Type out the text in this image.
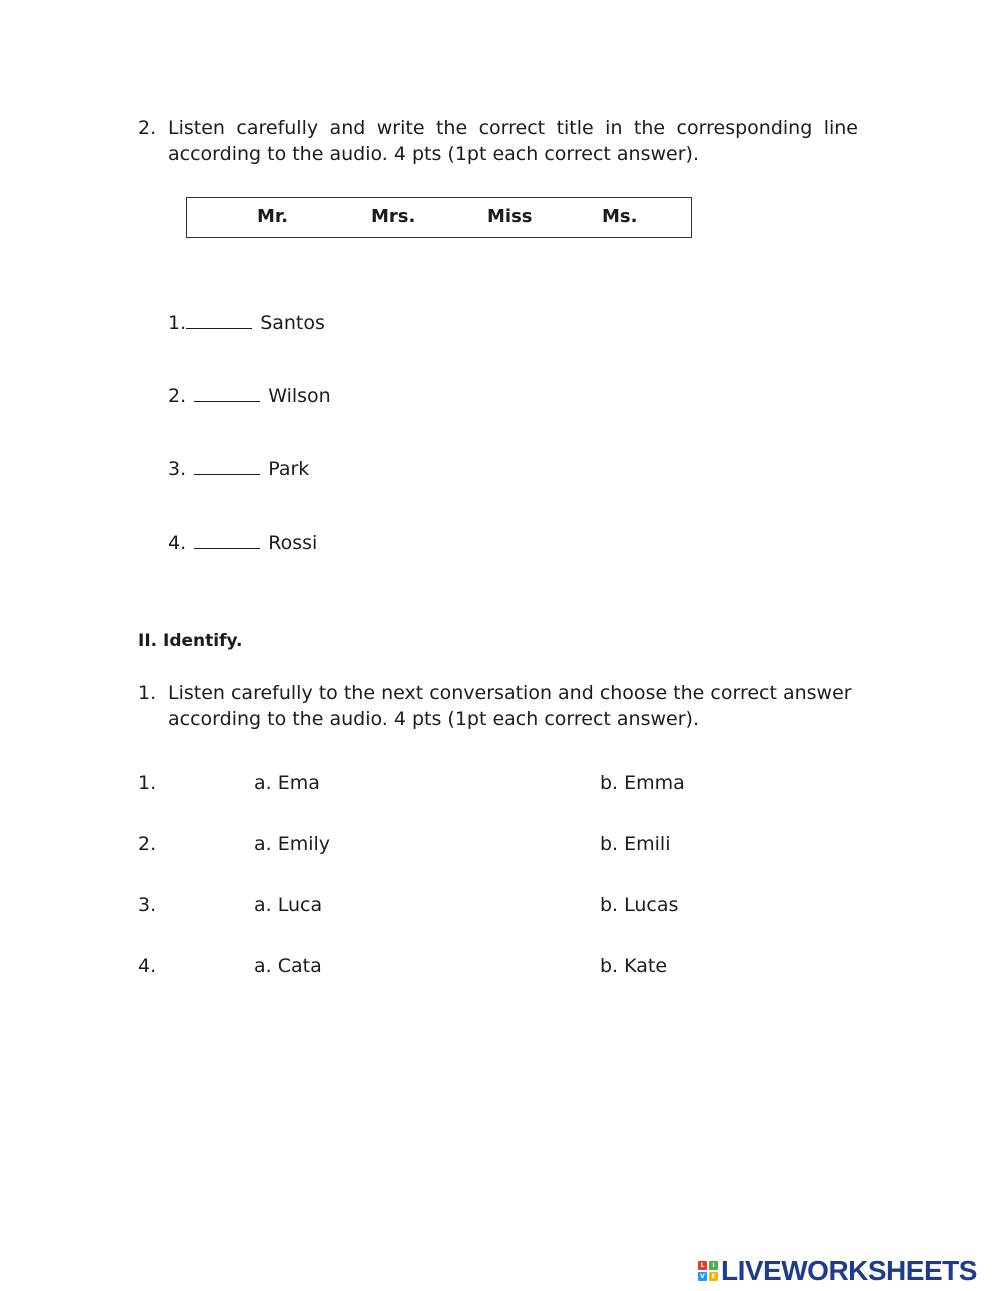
2. Listen carefully and write the correct title in the corresponding line
according to the audio. 4 pts (1pt each correct answer).
Mr.	Mrs.	Miss	Ms.
1.	Santos
2.	Wilson
3.	Park
4.	Rossi
II. Identify.
1. Listen carefully to the next conversation and choose the correct answer
according to the audio. 4 pts (1pt each correct answer).
1.	a. Ema	b. Emma
2.	a. Emily	b. Emili
3.	a. Luca	b. Lucas
4.	a. Cata	b. Kate
L	I
V	E LIVEWORKSHEETS
